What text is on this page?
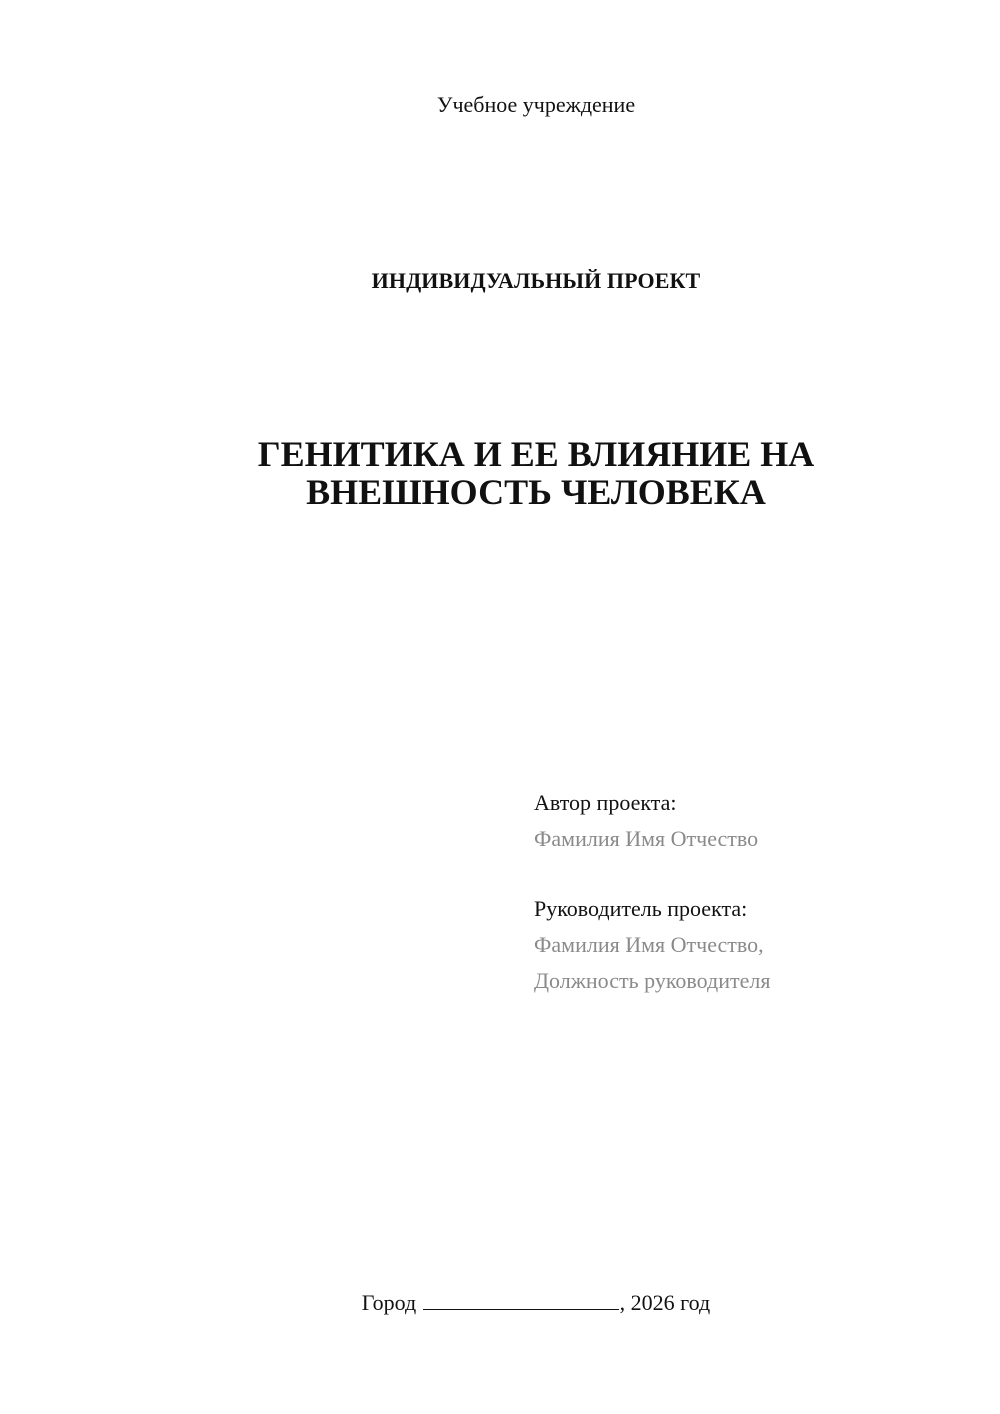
Учебное учреждение
ИНДИВИДУАЛЬНЫЙ ПРОЕКТ
ГЕНИТИКА И ЕЕ ВЛИЯНИЕ НА
ВНЕШНОСТЬ ЧЕЛОВЕКА
Автор проекта:
Фамилия Имя Отчество
Руководитель проекта:
Фамилия Имя Отчество,
Должность руководителя
Город	, 2026 год
